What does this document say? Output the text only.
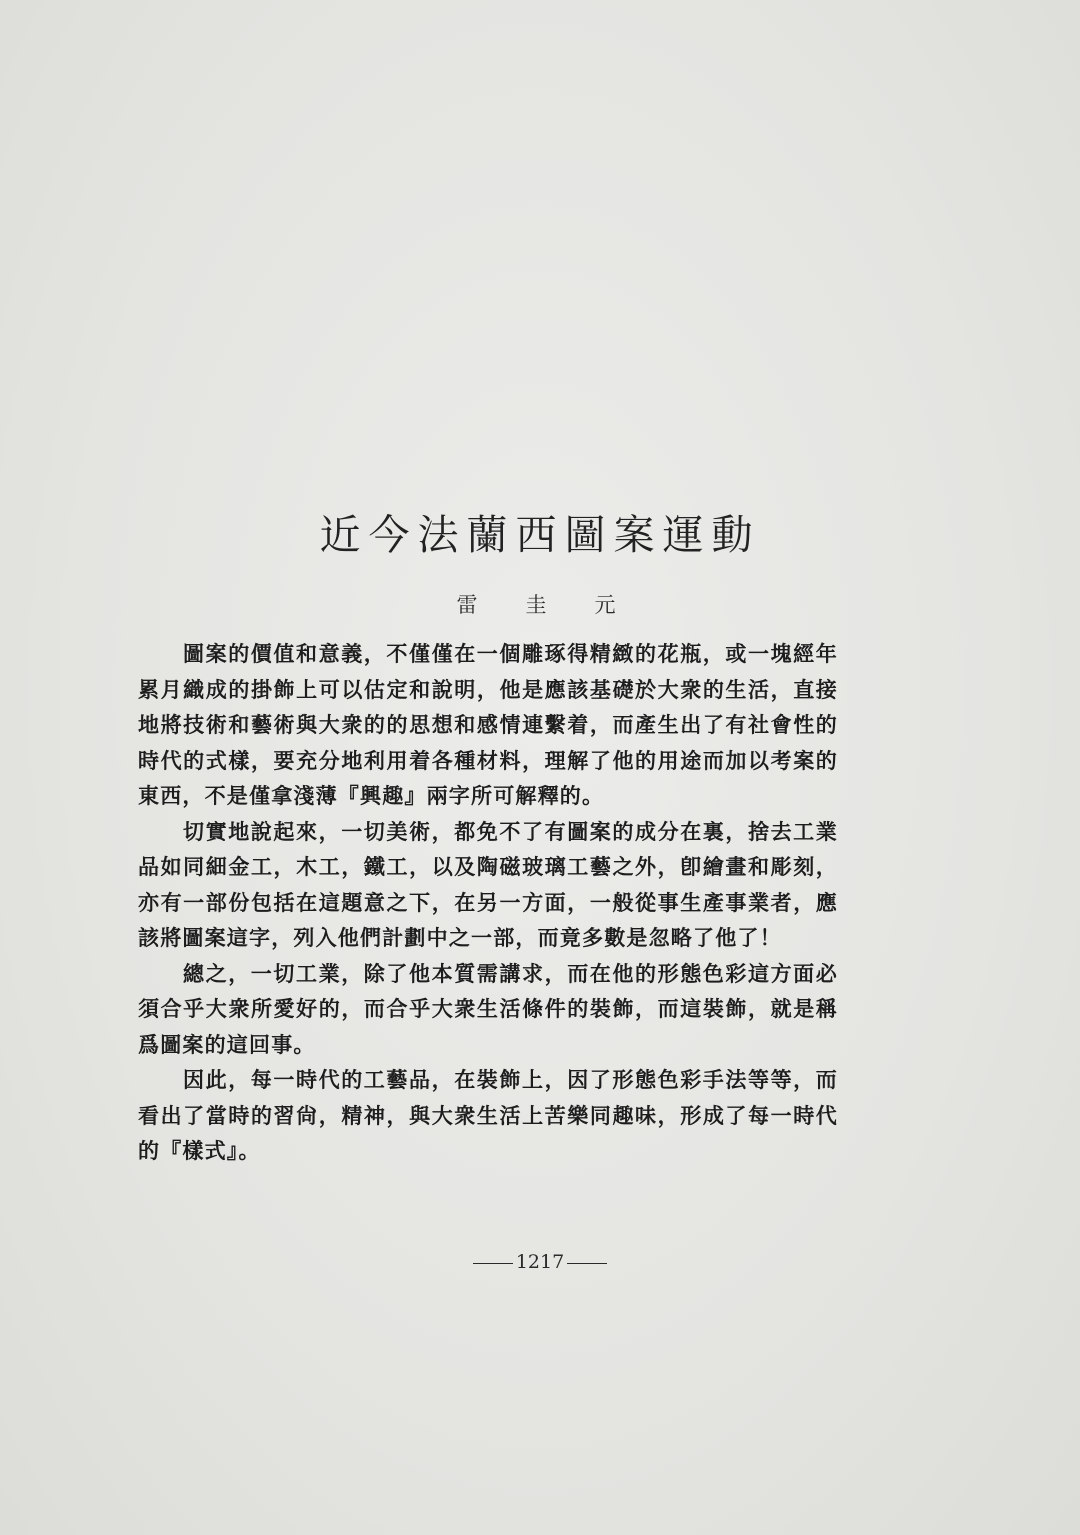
近今法蘭西圖案運動
雷圭元

圖案的價值和意義，不僅僅在一個雕琢得精緻的花瓶，或一塊經年累月織成的掛飾上可以估定和說明，他是應該基礎於大衆的生活，直接地將技術和藝術與大衆的的思想和感情連繫着，而產生出了有社會性的時代的式樣，要充分地利用着各種材料，理解了他的用途而加以考案的東西，不是僅拿淺薄『興趣』兩字所可解釋的。

切實地說起來，一切美術，都免不了有圖案的成分在裏，捨去工業品如同細金工，木工，鐵工，以及陶磁玻璃工藝之外，卽繪畫和彫刻，亦有一部份包括在這題意之下，在另一方面，一般從事生產事業者，應該將圖案這字，列入他們計劃中之一部，而竟多數是忽略了他了！

總之，一切工業，除了他本質需講求，而在他的形態色彩這方面必須合乎大衆所愛好的，而合乎大衆生活條件的裝飾，而這裝飾，就是稱爲圖案的這回事。

因此，每一時代的工藝品，在裝飾上，因了形態色彩手法等等，而看出了當時的習尙，精神，與大衆生活上苦樂同趣味，形成了每一時代的『樣式』。

1217
